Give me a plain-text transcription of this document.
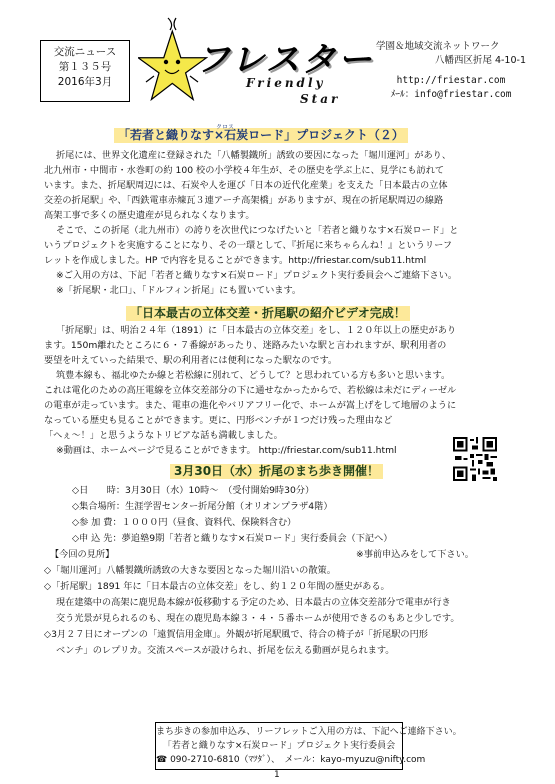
交流ニュース
第１３５号
2016年3月
フレスター
Friendly
Star
学園＆地域交流ネットワーク
八幡西区折尾 4-10-1
http://friestar.com
ﾒｰﾙ：info@friestar.com
「若者と織りなす
クロス
×石炭ロード」プロジェクト（２）
折尾には、世界文化遺産に登録された「八幡製鐵所」誘致の要因になった「堀川運河」があり、
北九州市・中間市・水巻町の約 100 校の小学校４年生が、その歴史を学ぶ上に、見学にも訪れて
います。また、折尾駅周辺には、石炭や人を運び「日本の近代化産業」を支えた「日本最古の立体
交差の折尾駅」や、「西鉄電車赤煉瓦３連アーチ高架橋」がありますが、現在の折尾駅周辺の線路
高架工事で多くの歴史遺産が見られなくなります。
そこで、この折尾（北九州市）の誇りを次世代につなげたいと「若者と織りなす×石炭ロード」と
いうプロジェクトを実施することになり、その一環として、『折尾に来ちゃらんね！』というリーフ
レットを作成しました。HP で内容を見ることができます。http://friestar.com/sub11.html
※ご入用の方は、下記「若者と織りなす×石炭ロード」プロジェクト実行委員会へご連絡下さい。
※「折尾駅・北口」、「ドルフィン折尾」にも置いています。
「日本最古の立体交差・折尾駅の紹介ビデオ完成！
「折尾駅」は、明治２４年（1891）に「日本最古の立体交差」をし、１２０年以上の歴史があり
ます。150m離れたところに６・７番線があったり、迷路みたいな駅と言われますが、駅利用者の
要望を叶えていった結果で、駅の利用者には便利になった駅なのです。
筑豊本線も、福北ゆたか線と若松線に別れて、どうして？と思われている方も多いと思います。
これは電化のための高圧電線を立体交差部分の下に通せなかったからで、若松線は未だにディーゼル
の電車が走っています。また、電車の進化やバリアフリー化で、ホームが嵩上げをして地層のように
なっている歴史も見ることができます。更に、円形ベンチが１つだけ残った理由など
「へぇ～！」と思うようなトリビアな話も満載しました。
※動画は、ホームページで見ることができます。 http://friestar.com/sub11.html
3月30日（水）折尾のまち歩き開催！
◇日　　時：3月30日（水）10時～　（受付開始9時30分）
◇集合場所：生涯学習センター折尾分館（オリオンプラザ4階）
◇参 加 費：１０００円（昼食、資料代、保険料含む）
◇申 込 先：夢追塾9期「若者と織りなす×石炭ロード」実行委員会（下記へ）
【今回の見所】	※事前申込みをして下さい。
◇「堀川運河」八幡製鐵所誘致の大きな要因となった堀川沿いの散策。
◇「折尾駅」1891 年に「日本最古の立体交差」をし、約１２０年間の歴史がある。
現在建築中の高架に鹿児島本線が仮移動する予定のため、日本最古の立体交差部分で電車が行き
交う光景が見られるのも、現在の鹿児島本線３・４・５番ホームが使用できるのもあと少しです。
◇3月２７日にオープンの「遠賀信用金庫」。外観が折尾駅風で、待合の椅子が「折尾駅の円形
ベンチ」のレプリカ。交流スペースが設けられ、折尾を伝える動画が見られます。
まち歩きの参加申込み、リーフレットご入用の方は、下記へご連絡下さい。
「若者と織りなす×石炭ロード」プロジェクト実行委員会
☎ 090-2710-6810（ﾏﾂﾀﾞ）、　メール：kayo-myuzu@nifty.com
1
